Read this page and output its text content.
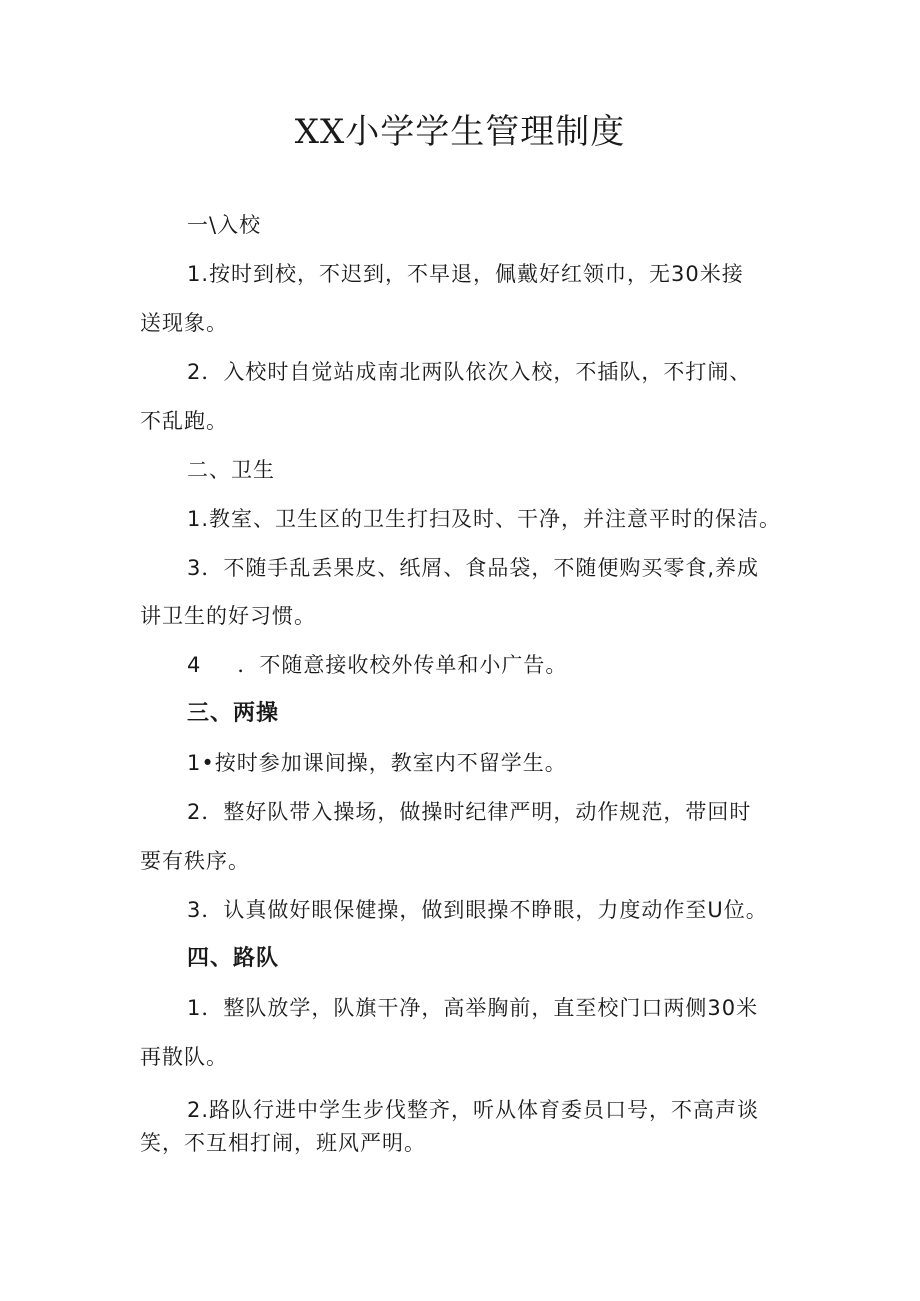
XX小学学生管理制度
一\入校
1.按时到校，不迟到，不早退，佩戴好红领巾，无30米接
送现象。
2．入校时自觉站成南北两队依次入校，不插队，不打闹、
不乱跑。
二、卫生
1.教室、卫生区的卫生打扫及时、干净，并注意平时的保洁。
3．不随手乱丢果皮、纸屑、食品袋，不随便购买零食,养成
讲卫生的好习惯。
4 ．不随意接收校外传单和小广告。
三、两操
1•按时参加课间操，教室内不留学生。
2．整好队带入操场，做操时纪律严明，动作规范，带回时
要有秩序。
3．认真做好眼保健操，做到眼操不睁眼，力度动作至U位。
四、路队
1．整队放学，队旗干净，高举胸前，直至校门口两侧30米
再散队。
2.路队行进中学生步伐整齐，听从体育委员口号，不高声谈
笑，不互相打闹，班风严明。
